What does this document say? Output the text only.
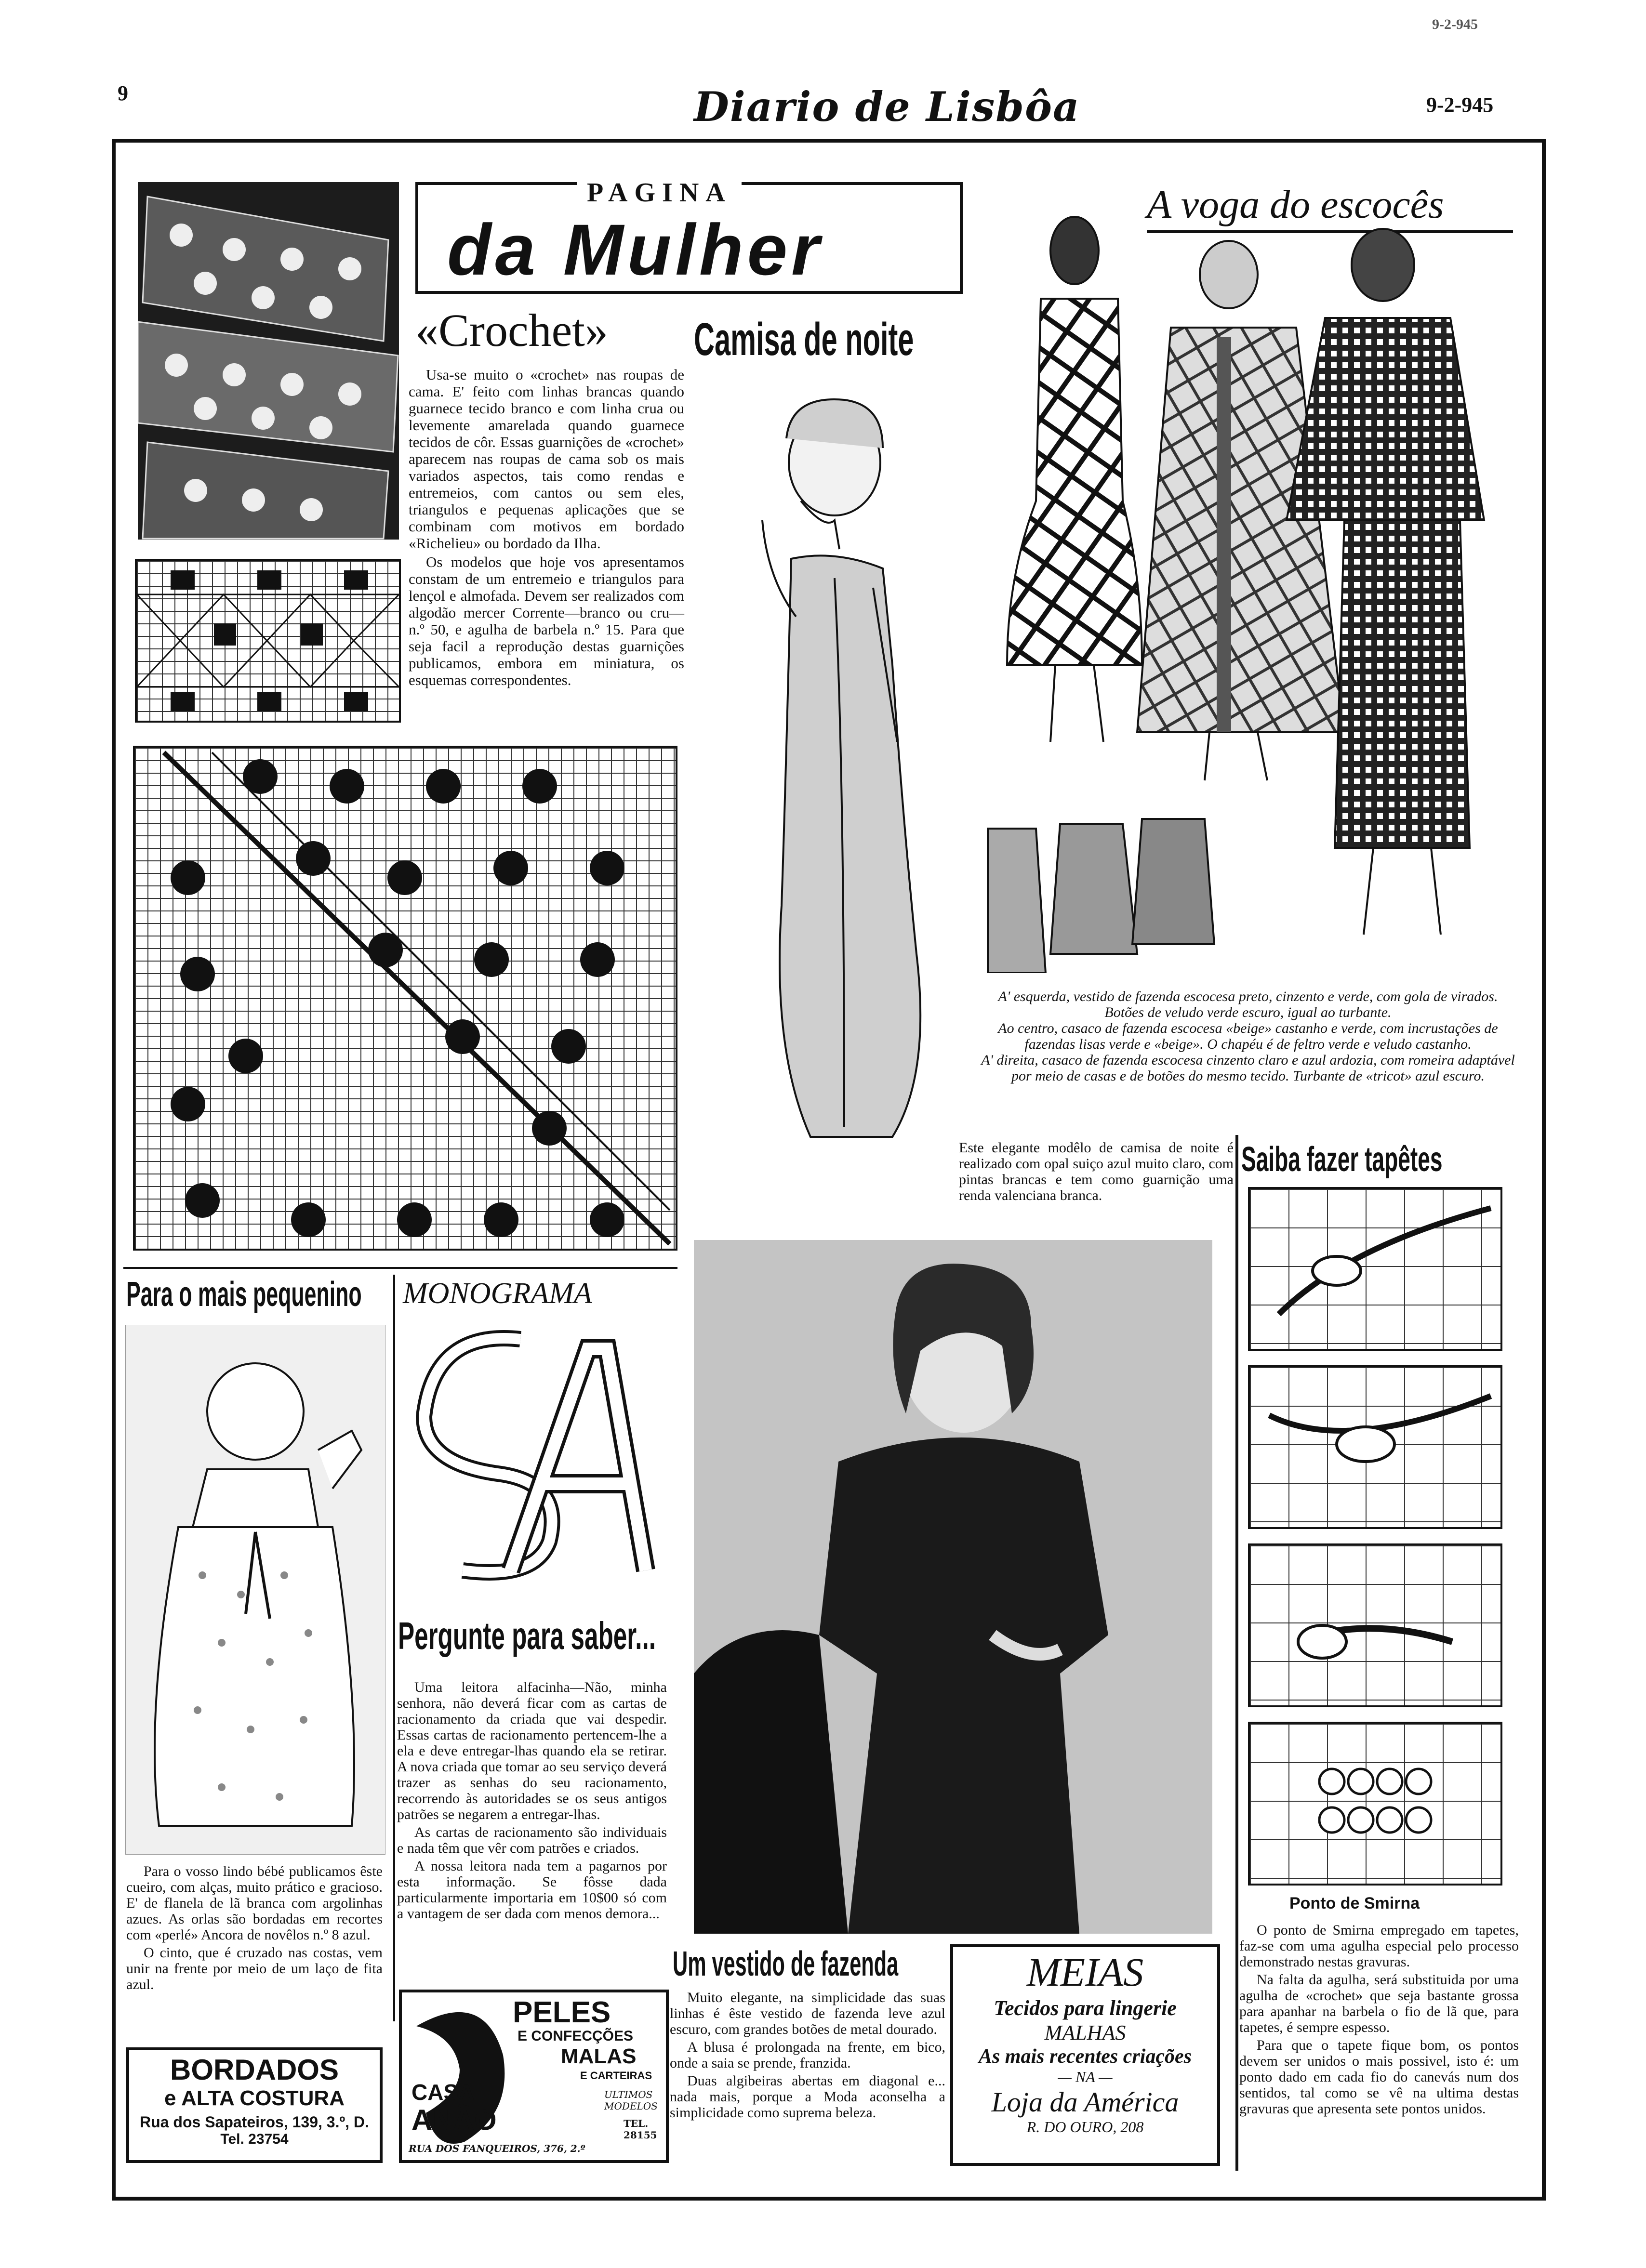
9	Diario de Lisbôa	9-2-945
9-2-945
PAGINA
da Mulher
«Crochet»

Usa-se muito o «crochet» nas roupas de cama. E' feito com linhas brancas quando guarnece tecido branco e com linha crua ou levemente amarelada quando guarnece tecidos de côr. Essas guarnições de «crochet» aparecem nas roupas de cama sob os mais variados aspectos, tais como rendas e entremeios, com cantos ou sem eles, triangulos e pequenas aplicações que se combinam com motivos em bordado «Richelieu» ou bordado da Ilha.

Os modelos que hoje vos apresentamos constam de um entremeio e triangulos para lençol e almofada. Devem ser realizados com algodão mercer Corrente—branco ou cru—n.º 50, e agulha de barbela n.º 15. Para que seja facil a reprodução destas guarnições publicamos, embora em miniatura, os esquemas correspondentes.

Camisa de noite
Este elegante modêlo de camisa de noite é realizado com opal suiço azul muito claro, com pintas brancas e tem como guarnição uma renda valenciana branca.
A voga do escocês
A' esquerda, vestido de fazenda escocesa preto, cinzento e verde, com gola de virados. Botões de veludo verde escuro, igual ao turbante.
Ao centro, casaco de fazenda escocesa «beige» castanho e verde, com incrustações de fazendas lisas verde e «beige». O chapéu é de feltro verde e veludo castanho.
A' direita, casaco de fazenda escocesa cinzento claro e azul ardozia, com romeira adaptável por meio de casas e de botões do mesmo tecido. Turbante de «tricot» azul escuro.
Saiba fazer tapêtes
Ponto de Smirna

O ponto de Smirna empregado em tapetes, faz-se com uma agulha especial pelo processo demonstrado nestas gravuras.

Na falta da agulha, será substituida por uma agulha de «crochet» que seja bastante grossa para apanhar na barbela o fio de lã que, para tapetes, é sempre espesso.

Para que o tapete fique bom, os pontos devem ser unidos o mais possivel, isto é: um ponto dado em cada fio do canevás num dos sentidos, tal como se vê na ultima destas gravuras que apresenta sete pontos unidos.

Para o mais pequenino

Para o vosso lindo bébé publicamos êste cueiro, com alças, muito prático e gracioso. E' de flanela de lã branca com argolinhas azues. As orlas são bordadas em recortes com «perlé» Ancora de novêlos n.º 8 azul.

O cinto, que é cruzado nas costas, vem unir na frente por meio de um laço de fita azul.

BORDADOS
e ALTA COSTURA
Rua dos Sapateiros, 139, 3.º, D.
Tel. 23754
MONOGRAMA
S
Pergunte para saber...

Uma leitora alfacinha—Não, minha senhora, não deverá ficar com as cartas de racionamento da criada que vai despedir. Essas cartas de racionamento pertencem-lhe a ela e deve entregar-lhas quando ela se retirar. A nova criada que tomar ao seu serviço deverá trazer as senhas do seu racionamento, recorrendo às autoridades se os seus antigos patrões se negarem a entregar-lhas.

As cartas de racionamento são individuais e nada têm que vêr com patrões e criados.

A nossa leitora nada tem a pagarnos por esta informação. Se fôsse dada particularmente importaria em 10$00 só com a vantagem de ser dada com menos demora...

PELES
E CONFECÇÕES
MALAS
E CARTEIRAS
CASA
ANÃO
ULTIMOS
MODELOS
TEL.
28155
RUA DOS FANQUEIROS, 376, 2.º
Um vestido de fazenda

Muito elegante, na simplicidade das suas linhas é êste vestido de fazenda leve azul escuro, com grandes botões de metal dourado.

A blusa é prolongada na frente, em bico, onde a saia se prende, franzida.

Duas algibeiras abertas em diagonal e... nada mais, porque a Moda aconselha a simplicidade como suprema beleza.

MEIAS
Tecidos para lingerie
MALHAS
As mais recentes criações
— NA —
Loja da América
R. DO OURO, 208
